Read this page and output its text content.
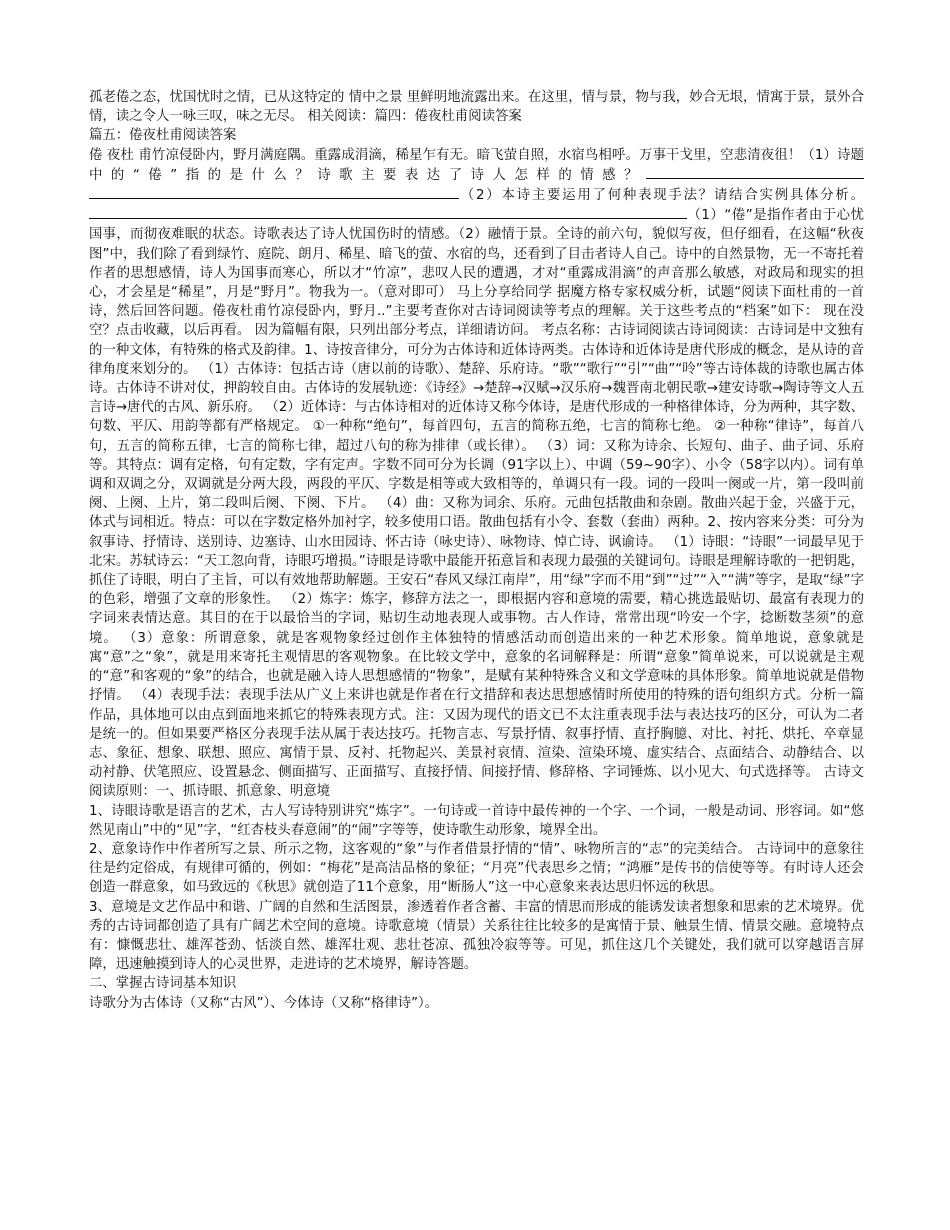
孤老倦之态，忧国忧时之情，已从这特定的 情中之景 里鲜明地流露出来。在这里，情与景，物与我，妙合无垠，情寓于景，景外合情，读之令人一咏三叹，味之无尽。 相关阅读：篇四：倦夜杜甫阅读答案

篇五：倦夜杜甫阅读答案

倦 夜杜 甫竹凉侵卧内，野月满庭隅。重露成涓滴，稀星乍有无。暗飞萤自照，水宿鸟相呼。万事干戈里，空悲清夜徂！（1）诗题中的“倦”指的是什么？诗歌主要表达了诗人怎样的情感？（2）本诗主要运用了何种表现手法？请结合实例具体分析。（1）“倦”是指作者由于心忧国事，而彻夜难眠的状态。诗歌表达了诗人忧国伤时的情感。（2）融情于景。全诗的前六句，貌似写夜，但仔细看，在这幅“秋夜图”中，我们除了看到绿竹、庭院、朗月、稀星、暗飞的萤、水宿的鸟，还看到了目击者诗人自己。诗中的自然景物，无一不寄托着作者的思想感情，诗人为国事而寒心，所以才“竹凉”，悲叹人民的遭遇，才对“重露成涓滴”的声音那么敏感，对政局和现实的担心，才会星是“稀星”，月是“野月”。物我为一。（意对即可） 马上分享给同学 据魔方格专家权威分析，试题“阅读下面杜甫的一首诗，然后回答问题。倦夜杜甫竹凉侵卧内，野月..”主要考查你对古诗词阅读等考点的理解。关于这些考点的“档案”如下： 现在没空？点击收藏，以后再看。 因为篇幅有限，只列出部分考点，详细请访问。 考点名称：古诗词阅读古诗词阅读：古诗词是中文独有的一种文体，有特殊的格式及韵律。1、诗按音律分，可分为古体诗和近体诗两类。古体诗和近体诗是唐代形成的概念，是从诗的音律角度来划分的。 （1）古体诗：包括古诗（唐以前的诗歌）、楚辞、乐府诗。“歌”“歌行”“引”“曲”“呤”等古诗体裁的诗歌也属古体诗。古体诗不讲对仗，押韵较自由。古体诗的发展轨迹：《诗经》→楚辞→汉赋→汉乐府→魏晋南北朝民歌→建安诗歌→陶诗等文人五言诗→唐代的古风、新乐府。 （2）近体诗：与古体诗相对的近体诗又称今体诗，是唐代形成的一种格律体诗，分为两种，其字数、句数、平仄、用韵等都有严格规定。 ①一种称“绝句”，每首四句，五言的简称五绝，七言的简称七绝。 ②一种称“律诗”，每首八句，五言的简称五律，七言的简称七律，超过八句的称为排律（或长律）。 （3）词：又称为诗余、长短句、曲子、曲子词、乐府等。其特点：调有定格，句有定数，字有定声。字数不同可分为长调（91字以上）、中调（59~90字）、小令（58字以内）。词有单调和双调之分，双调就是分两大段，两段的平仄、字数是相等或大致相等的，单调只有一段。词的一段叫一阕或一片，第一段叫前阕、上阕、上片，第二段叫后阕、下阕、下片。 （4）曲：又称为词余、乐府。元曲包括散曲和杂剧。散曲兴起于金，兴盛于元，体式与词相近。特点：可以在字数定格外加衬字，较多使用口语。散曲包括有小令、套数（套曲）两种。2、按内容来分类：可分为叙事诗、抒情诗、送别诗、边塞诗、山水田园诗、怀古诗（咏史诗）、咏物诗、悼亡诗、讽谕诗。 （1）诗眼：“诗眼”一词最早见于北宋。苏轼诗云：“天工忽向背，诗眼巧增损。”诗眼是诗歌中最能开拓意旨和表现力最强的关键词句。诗眼是理解诗歌的一把钥匙，抓住了诗眼，明白了主旨，可以有效地帮助解题。王安石“春风又绿江南岸”，用“绿”字而不用“到”“过”“入”“满”等字，是取“绿”字的色彩，增强了文章的形象性。 （2）炼字：炼字，修辞方法之一，即根据内容和意境的需要，精心挑选最贴切、最富有表现力的字词来表情达意。其目的在于以最恰当的字词，贴切生动地表现人或事物。古人作诗，常常出现“吟安一个字，捻断数茎须”的意境。 （3）意象：所谓意象，就是客观物象经过创作主体独特的情感活动而创造出来的一种艺术形象。简单地说，意象就是寓“意”之“象”，就是用来寄托主观情思的客观物象。在比较文学中，意象的名词解释是：所谓“意象”简单说来，可以说就是主观的“意”和客观的“象”的结合，也就是融入诗人思想感情的“物象”，是赋有某种特殊含义和文学意味的具体形象。简单地说就是借物抒情。 （4）表现手法：表现手法从广义上来讲也就是作者在行文措辞和表达思想感情时所使用的特殊的语句组织方式。分析一篇作品，具体地可以由点到面地来抓它的特殊表现方式。注：又因为现代的语文已不太注重表现手法与表达技巧的区分，可认为二者是统一的。但如果要严格区分表现手法从属于表达技巧。托物言志、写景抒情、叙事抒情、直抒胸臆、对比、衬托、烘托、卒章显志、象征、想象、联想、照应、寓情于景、反衬、托物起兴、美景衬哀情、渲染、渲染环境、虚实结合、点面结合、动静结合、以动衬静、伏笔照应、设置悬念、侧面描写、正面描写、直接抒情、间接抒情、修辞格、字词锤炼、以小见大、句式选择等。 古诗文阅读原则：一、抓诗眼、抓意象、明意境

1、诗眼诗歌是语言的艺术，古人写诗特别讲究“炼字”。一句诗或一首诗中最传神的一个字、一个词，一般是动词、形容词。如“悠然见南山”中的“见”字，“红杏枝头春意闹”的“闹”字等等，使诗歌生动形象，境界全出。

2、意象诗作中作者所写之景、所示之物，这客观的“象”与作者借景抒情的“情”、咏物所言的“志”的完美结合。 古诗词中的意象往往是约定俗成，有规律可循的，例如：“梅花”是高洁品格的象征；“月亮”代表思乡之情；“鸿雁”是传书的信使等等。有时诗人还会创造一群意象，如马致远的《秋思》就创造了11个意象，用“断肠人”这一中心意象来表达思归怀远的秋思。

3、意境是文艺作品中和谐、广阔的自然和生活图景，渗透着作者含蓄、丰富的情思而形成的能诱发读者想象和思索的艺术境界。优秀的古诗词都创造了具有广阔艺术空间的意境。诗歌意境（情景）关系往往比较多的是寓情于景、触景生情、情景交融。意境特点有：慷慨悲壮、雄浑苍劲、恬淡自然、雄浑壮观、悲壮苍凉、孤独冷寂等等。可见，抓住这几个关键处，我们就可以穿越语言屏障，迅速触摸到诗人的心灵世界，走进诗的艺术境界，解诗答题。

二、掌握古诗词基本知识

诗歌分为古体诗（又称“古风”）、今体诗（又称“格律诗”）。
